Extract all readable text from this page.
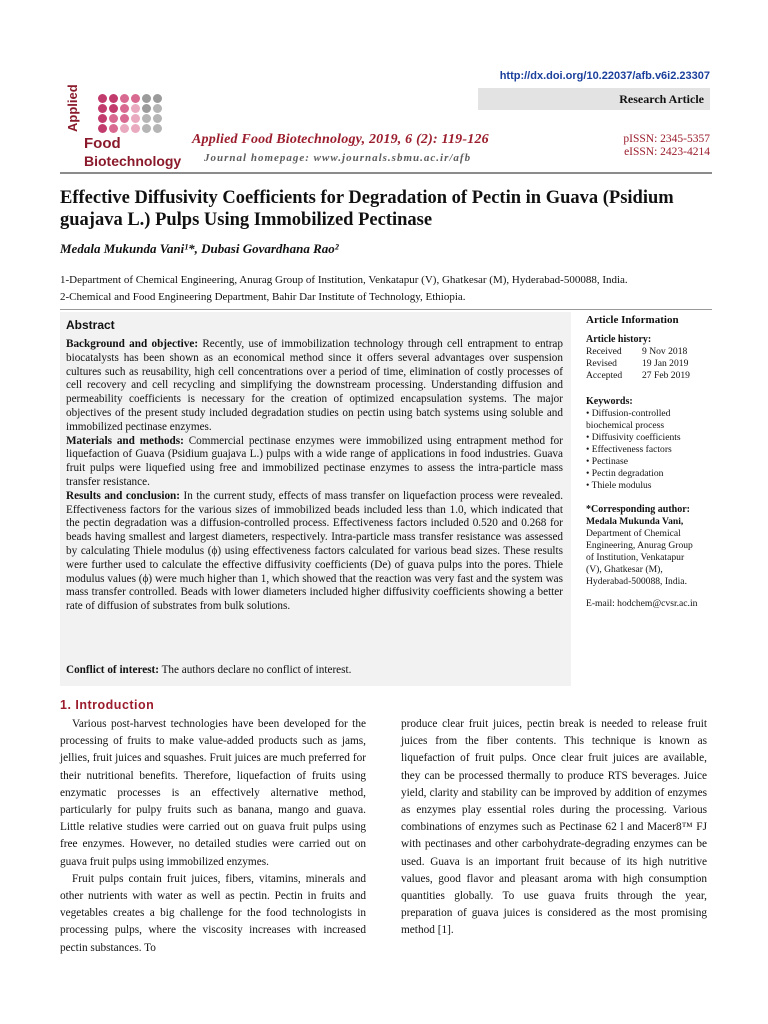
http://dx.doi.org/10.22037/afb.v6i2.23307
Research Article
Applied
Food
Biotechnology
Applied Food Biotechnology, 2019, 6 (2): 119-126
Journal homepage: www.journals.sbmu.ac.ir/afb
pISSN: 2345-5357
eISSN: 2423-4214
Effective Diffusivity Coefficients for Degradation of Pectin in Guava (Psidium guajava L.) Pulps Using Immobilized Pectinase
Medala Mukunda Vani¹*, Dubasi Govardhana Rao²
1-Department of Chemical Engineering, Anurag Group of Institution, Venkatapur (V), Ghatkesar (M), Hyderabad-500088, India.
2-Chemical and Food Engineering Department, Bahir Dar Institute of Technology, Ethiopia.
Abstract

Background and objective: Recently, use of immobilization technology through cell entrapment to entrap biocatalysts has been shown as an economical method since it offers several advantages over suspension cultures such as reusability, high cell concentrations over a period of time, elimination of costly processes of cell recovery and cell recycling and simplifying the downstream processing. Understanding diffusion and permeability coefficients is necessary for the creation of optimized encapsulation systems. The major objectives of the present study included degradation studies on pectin using batch systems using soluble and immobilized pectinase enzymes.

Materials and methods: Commercial pectinase enzymes were immobilized using entrapment method for liquefaction of Guava (Psidium guajava L.) pulps with a wide range of applications in food industries. Guava fruit pulps were liquefied using free and immobilized pectinase enzymes to assess the intra-particle mass transfer resistance.

Results and conclusion: In the current study, effects of mass transfer on liquefaction process were revealed. Effectiveness factors for the various sizes of immobilized beads included less than 1.0, which indicated that the pectin degradation was a diffusion-controlled process. Effectiveness factors included 0.520 and 0.268 for beads having smallest and largest diameters, respectively. Intra-particle mass transfer resistance was assessed by calculating Thiele modulus (ϕ) using effectiveness factors calculated for various bead sizes. These results were further used to calculate the effective diffusivity coefficients (De) of guava pulps into the pores. Thiele modulus values (ϕ) were much higher than 1, which showed that the reaction was very fast and the system was mass transfer controlled. Beads with lower diameters included higher diffusivity coefficients showing a better rate of diffusion of substrates from bulk solutions.

Conflict of interest: The authors declare no conflict of interest.
Article Information
Article history:
Received	9 Nov 2018
Revised	19 Jan 2019
Accepted	27 Feb 2019
Keywords:
• Diffusion-controlled
biochemical process
• Diffusivity coefficients
• Effectiveness factors
• Pectinase
• Pectin degradation
• Thiele modulus
*Corresponding author:
Medala Mukunda Vani,
Department of Chemical
Engineering, Anurag Group
of Institution, Venkatapur
(V), Ghatkesar (M),
Hyderabad-500088, India.
E-mail: hodchem@cvsr.ac.in
1. Introduction

Various post-harvest technologies have been developed for the processing of fruits to make value-added products such as jams, jellies, fruit juices and squashes. Fruit juices are much preferred for their nutritional benefits. Therefore, liquefaction of fruits using enzymatic processes is an effectively alternative method, particularly for pulpy fruits such as banana, mango and guava. Little relative studies were carried out on guava fruit pulps using free enzymes. However, no detailed studies were carried out on guava fruit pulps using immobilized enzymes.

Fruit pulps contain fruit juices, fibers, vitamins, minerals and other nutrients with water as well as pectin. Pectin in fruits and vegetables creates a big challenge for the food technologists in processing pulps, where the viscosity increases with increased pectin substances. To

produce clear fruit juices, pectin break is needed to release fruit juices from the fiber contents. This technique is known as liquefaction of fruit pulps. Once clear fruit juices are available, they can be processed thermally to produce RTS beverages. Juice yield, clarity and stability can be improved by addition of enzymes as enzymes play essential roles during the processing. Various combinations of enzymes such as Pectinase 62 l and Macer8™ FJ with pectinases and other carbohydrate-degrading enzymes can be used. Guava is an important fruit because of its high nutritive values, good flavor and pleasant aroma with high consumption quantities globally. To use guava fruits through the year, preparation of guava juices is considered as the most promising method [1].
